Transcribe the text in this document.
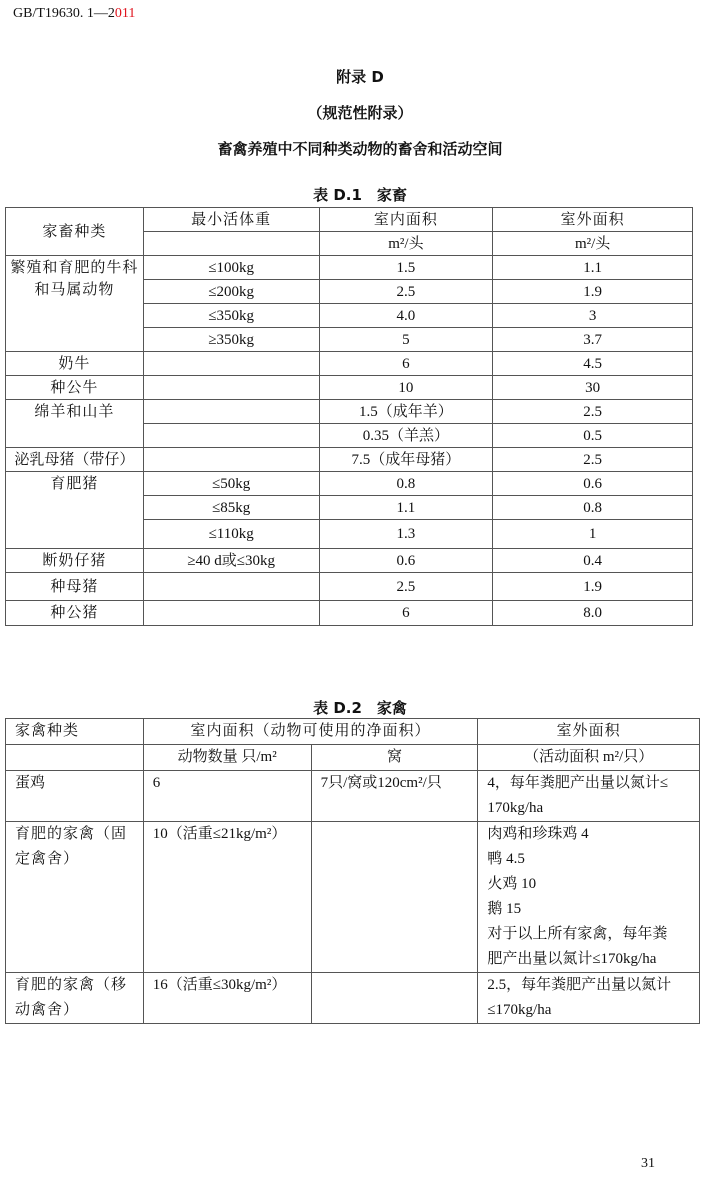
GB/T19630. 1—2011
附录 D
（规范性附录）
畜禽养殖中不同种类动物的畜舍和活动空间
表 D.1　家畜
家畜种类	最小活体重	室内面积	室外面积
		m²/头	m²/头
繁殖和育肥的牛科和马属动物	≤100kg	1.5	1.1
	≤200kg	2.5	1.9
	≤350kg	4.0	3
	≥350kg	5	3.7
奶牛		6	4.5
种公牛		10	30
绵羊和山羊		1.5（成年羊）	2.5
		0.35（羊羔）	0.5
泌乳母猪（带仔）		7.5（成年母猪）	2.5
育肥猪	≤50kg	0.8	0.6
	≤85kg	1.1	0.8
	≤110kg	1.3	1
断奶仔猪	≥40 d或≤30kg	0.6	0.4
种母猪		2.5	1.9
种公猪		6	8.0
表 D.2　家禽
家禽种类	室内面积（动物可使用的净面积）		室外面积
	动物数量 只/m²	窝	（活动面积 m²/只）
蛋鸡	6	7只/窝或120cm²/只	4，每年粪肥产出量以氮计≤
170kg/ha

育肥的家禽（固定禽舍）	10（活重≤21kg/m²）		肉鸡和珍珠鸡 4
鸭 4.5
火鸡 10
鹅 15
对于以上所有家禽，每年粪
肥产出量以氮计≤170kg/ha

育肥的家禽（移动禽舍）	16（活重≤30kg/m²）		2.5，每年粪肥产出量以氮计
≤170kg/ha
31
